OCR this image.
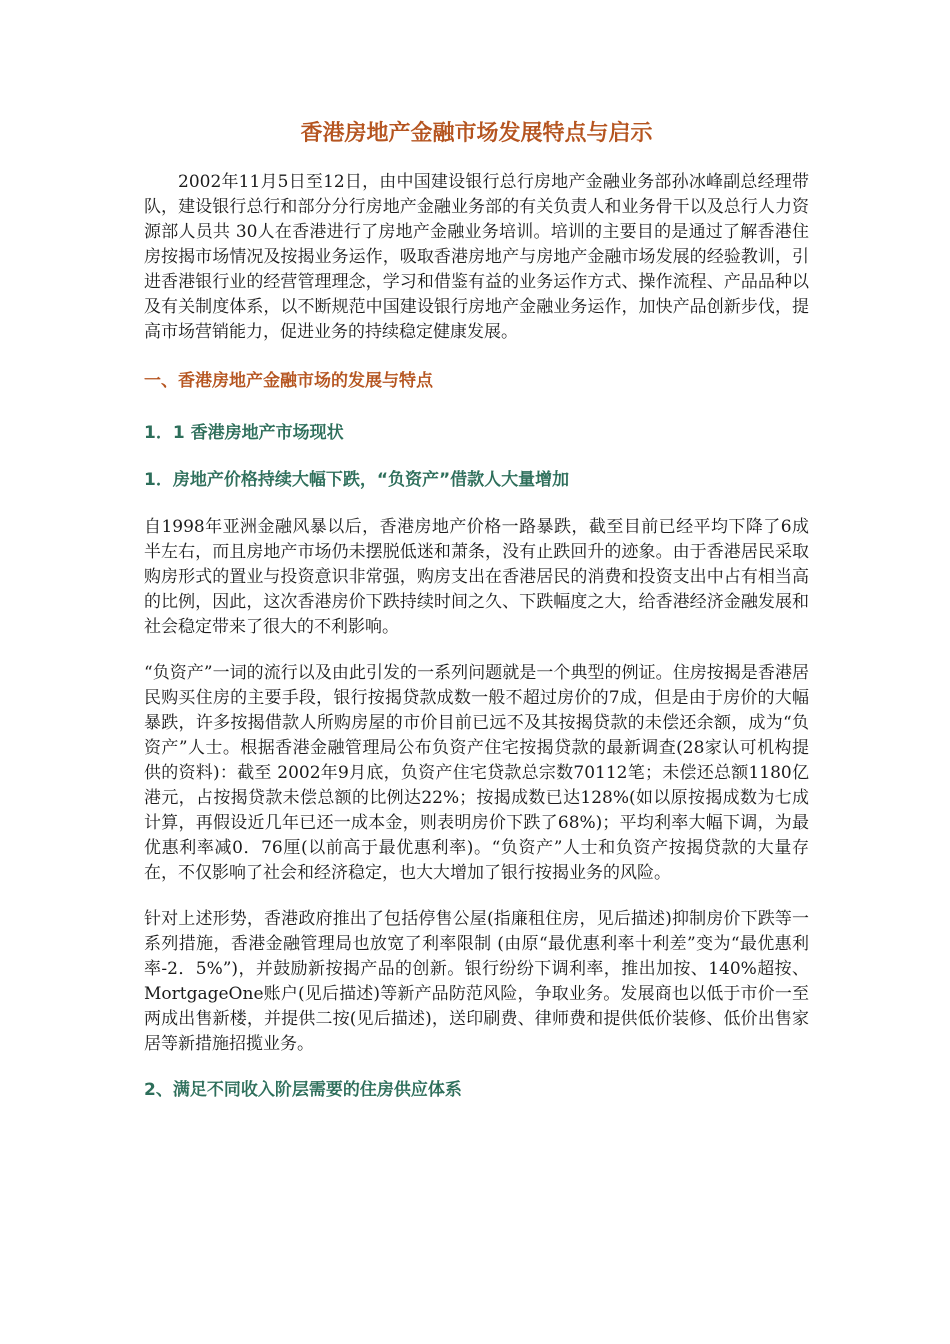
香港房地产金融市场发展特点与启示

2002年11月5日至12日，由中国建设银行总行房地产金融业务部孙冰峰副总经理带队，建设银行总行和部分分行房地产金融业务部的有关负责人和业务骨干以及总行人力资源部人员共 30人在香港进行了房地产金融业务培训。培训的主要目的是通过了解香港住房按揭市场情况及按揭业务运作，吸取香港房地产与房地产金融市场发展的经验教训，引进香港银行业的经营管理理念，学习和借鉴有益的业务运作方式、操作流程、产品品种以及有关制度体系，以不断规范中国建设银行房地产金融业务运作，加快产品创新步伐，提高市场营销能力，促进业务的持续稳定健康发展。

一、香港房地产金融市场的发展与特点
1．1 香港房地产市场现状
1．房地产价格持续大幅下跌，“负资产”借款人大量增加

自1998年亚洲金融风暴以后，香港房地产价格一路暴跌，截至目前已经平均下降了6成半左右，而且房地产市场仍未摆脱低迷和萧条，没有止跌回升的迹象。由于香港居民采取购房形式的置业与投资意识非常强，购房支出在香港居民的消费和投资支出中占有相当高的比例，因此，这次香港房价下跌持续时间之久、下跌幅度之大，给香港经济金融发展和社会稳定带来了很大的不利影响。

“负资产”一词的流行以及由此引发的一系列问题就是一个典型的例证。住房按揭是香港居民购买住房的主要手段，银行按揭贷款成数一般不超过房价的7成，但是由于房价的大幅暴跌，许多按揭借款人所购房屋的市价目前已远不及其按揭贷款的未偿还余额，成为“负资产”人士。根据香港金融管理局公布负资产住宅按揭贷款的最新调查(28家认可机构提供的资料)：截至 2002年9月底，负资产住宅贷款总宗数70112笔；未偿还总额1180亿港元，占按揭贷款未偿总额的比例达22%；按揭成数已达128%(如以原按揭成数为七成计算，再假设近几年已还一成本金，则表明房价下跌了68%)；平均利率大幅下调，为最优惠利率减0．76厘(以前高于最优惠利率)。“负资产”人士和负资产按揭贷款的大量存在，不仅影响了社会和经济稳定，也大大增加了银行按揭业务的风险。

针对上述形势，香港政府推出了包括停售公屋(指廉租住房，见后描述)抑制房价下跌等一系列措施，香港金融管理局也放宽了利率限制 (由原“最优惠利率十利差”变为“最优惠利率-2．5%”)，并鼓励新按揭产品的创新。银行纷纷下调利率，推出加按、140%超按、MortgageOne账户(见后描述)等新产品防范风险，争取业务。发展商也以低于市价一至两成出售新楼，并提供二按(见后描述)，送印刷费、律师费和提供低价装修、低价出售家居等新措施招揽业务。

2、满足不同收入阶层需要的住房供应体系
